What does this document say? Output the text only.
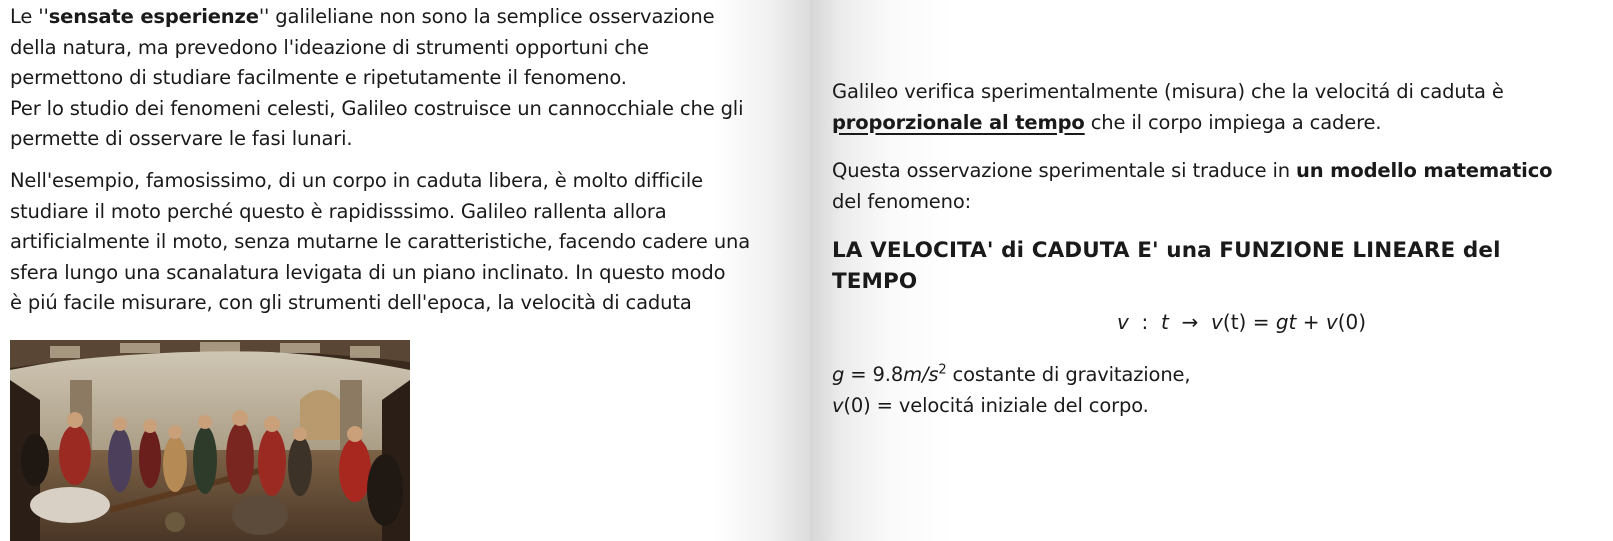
Le ''sensate esperienze'' galileliane non sono la semplice osservazione

della natura, ma prevedono l'ideazione di strumenti opportuni che

permettono di studiare facilmente e ripetutamente il fenomeno.

Per lo studio dei fenomeni celesti, Galileo costruisce un cannocchiale che gli

permette di osservare le fasi lunari.

Nell'esempio, famosissimo, di un corpo in caduta libera, è molto difficile

studiare il moto perché questo è rapidisssimo. Galileo rallenta allora

artificialmente il moto, senza mutarne le caratteristiche, facendo cadere una

sfera lungo una scanalatura levigata di un piano inclinato. In questo modo

è piú facile misurare, con gli strumenti dell'epoca, la velocità di caduta

Galileo verifica sperimentalmente (misura) che la velocitá di caduta è

proporzionale al tempo che il corpo impiega a cadere.

Questa osservazione sperimentale si traduce in un modello matematico

del fenomeno:

LA VELOCITA' di CADUTA E' una FUNZIONE LINEARE del
TEMPO
v : t → v(t) = gt + v(0)

$g = 9.8m/s^2$ costante di gravitazione,

v(0) = velocitá iniziale del corpo.
